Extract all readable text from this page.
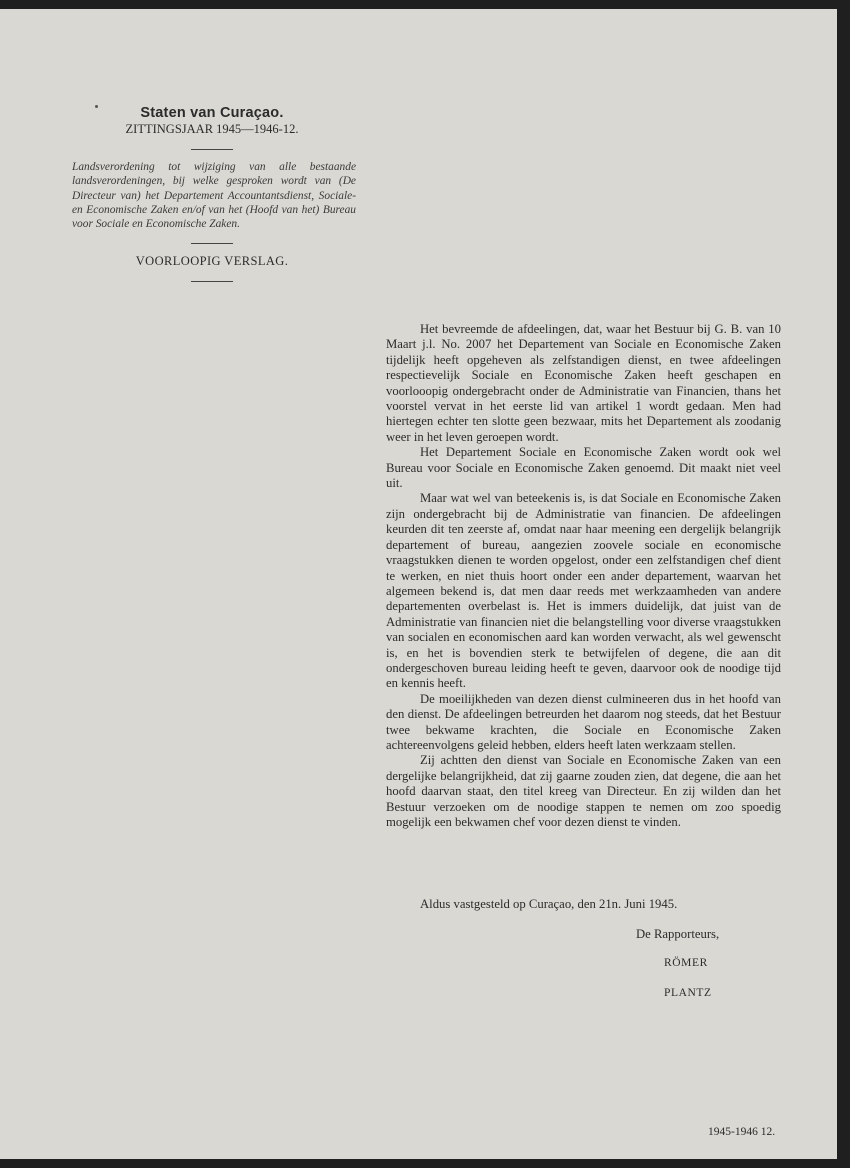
Staten van Curaçao.
ZITTINGSJAAR 1945—1946-12.
Landsverordening tot wijziging van alle bestaande landsverordeningen, bij welke gesproken wordt van (De Directeur van) het Departement Accountantsdienst, Sociale- en Economische Zaken en/of van het (Hoofd van het) Bureau voor Sociale en Economische Zaken.
VOORLOOPIG VERSLAG.

Het bevreemde de afdeelingen, dat, waar het Bestuur bij G. B. van 10 Maart j.l. No. 2007 het Departement van Sociale en Economische Zaken tijdelijk heeft opgeheven als zelfstandigen dienst, en twee afdeelingen respectievelijk Sociale en Economische Zaken heeft geschapen en voorlooopig ondergebracht onder de Administratie van Financien, thans het voorstel vervat in het eerste lid van artikel 1 wordt gedaan. Men had hiertegen echter ten slotte geen bezwaar, mits het Departement als zoodanig weer in het leven geroepen wordt.

Het Departement Sociale en Economische Zaken wordt ook wel Bureau voor Sociale en Economische Zaken genoemd. Dit maakt niet veel uit.

Maar wat wel van beteekenis is, is dat Sociale en Economische Zaken zijn ondergebracht bij de Administratie van financien. De afdeelingen keurden dit ten zeerste af, omdat naar haar meening een dergelijk belangrijk departement of bureau, aangezien zoovele sociale en economische vraagstukken dienen te worden opgelost, onder een zelfstandigen chef dient te werken, en niet thuis hoort onder een ander departement, waarvan het algemeen bekend is, dat men daar reeds met werkzaamheden van andere departementen overbelast is. Het is immers duidelijk, dat juist van de Administratie van financien niet die belangstelling voor diverse vraagstukken van socialen en economischen aard kan worden verwacht, als wel gewenscht is, en het is bovendien sterk te betwijfelen of degene, die aan dit ondergeschoven bureau leiding heeft te geven, daarvoor ook de noodige tijd en kennis heeft.

De moeilijkheden van dezen dienst culmineeren dus in het hoofd van den dienst. De afdeelingen betreurden het daarom nog steeds, dat het Bestuur twee bekwame krachten, die Sociale en Economische Zaken achtereenvolgens geleid hebben, elders heeft laten werkzaam stellen.

Zij achtten den dienst van Sociale en Economische Zaken van een dergelijke belangrijkheid, dat zij gaarne zouden zien, dat degene, die aan het hoofd daarvan staat, den titel kreeg van Directeur. En zij wilden dan het Bestuur verzoeken om de noodige stappen te nemen om zoo spoedig mogelijk een bekwamen chef voor dezen dienst te vinden.

Aldus vastgesteld op Curaçao, den 21n. Juni 1945.
De Rapporteurs,
RÖMER
PLANTZ
1945-1946 12.
